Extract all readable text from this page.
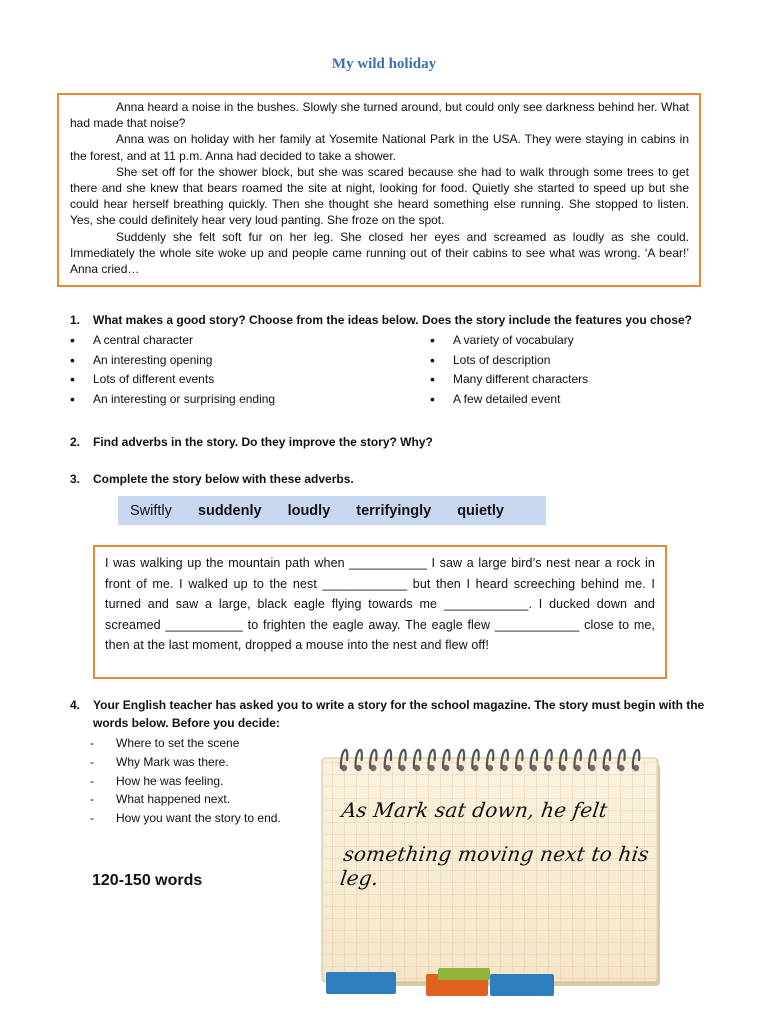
My wild holiday

Anna heard a noise in the bushes. Slowly she turned around, but could only see darkness behind her. What had made that noise?

Anna was on holiday with her family at Yosemite National Park in the USA. They were staying in cabins in the forest, and at 11 p.m. Anna had decided to take a shower.

She set off for the shower block, but she was scared because she had to walk through some trees to get there and she knew that bears roamed the site at night, looking for food. Quietly she started to speed up but she could hear herself breathing quickly. Then she thought she heard something else running. She stopped to listen. Yes, she could definitely hear very loud panting. She froze on the spot.

Suddenly she felt soft fur on her leg. She closed her eyes and screamed as loudly as she could. Immediately the whole site woke up and people came running out of their cabins to see what was wrong. ‘A bear!’ Anna cried…

1. What makes a good story? Choose from the ideas below. Does the story include the features you chose?
• A central character
• An interesting opening
• Lots of different events
• An interesting or surprising ending
• A variety of vocabulary
• Lots of description
• Many different characters
• A few detailed event
2. Find adverbs in the story. Do they improve the story? Why?
3. Complete the story below with these adverbs.
Swiftly suddenly loudly terrifyingly quietly
I was walking up the mountain path when ___________ I saw a large bird’s nest near a rock in front of me. I walked up to the nest ____________ but then I heard screeching behind me. I turned and saw a large, black eagle flying towards me ____________. I ducked down and screamed ___________ to frighten the eagle away. The eagle flew ____________ close to me, then at the last moment, dropped a mouse into the nest and flew off!
4. Your English teacher has asked you to write a story for the school magazine. The story must begin with the
words below. Before you decide:
- Where to set the scene
- Why Mark was there.
- How he was feeling.
- What happened next.
- How you want the story to end.
120-150 words
As Mark sat down, he felt
something moving next to his leg.
